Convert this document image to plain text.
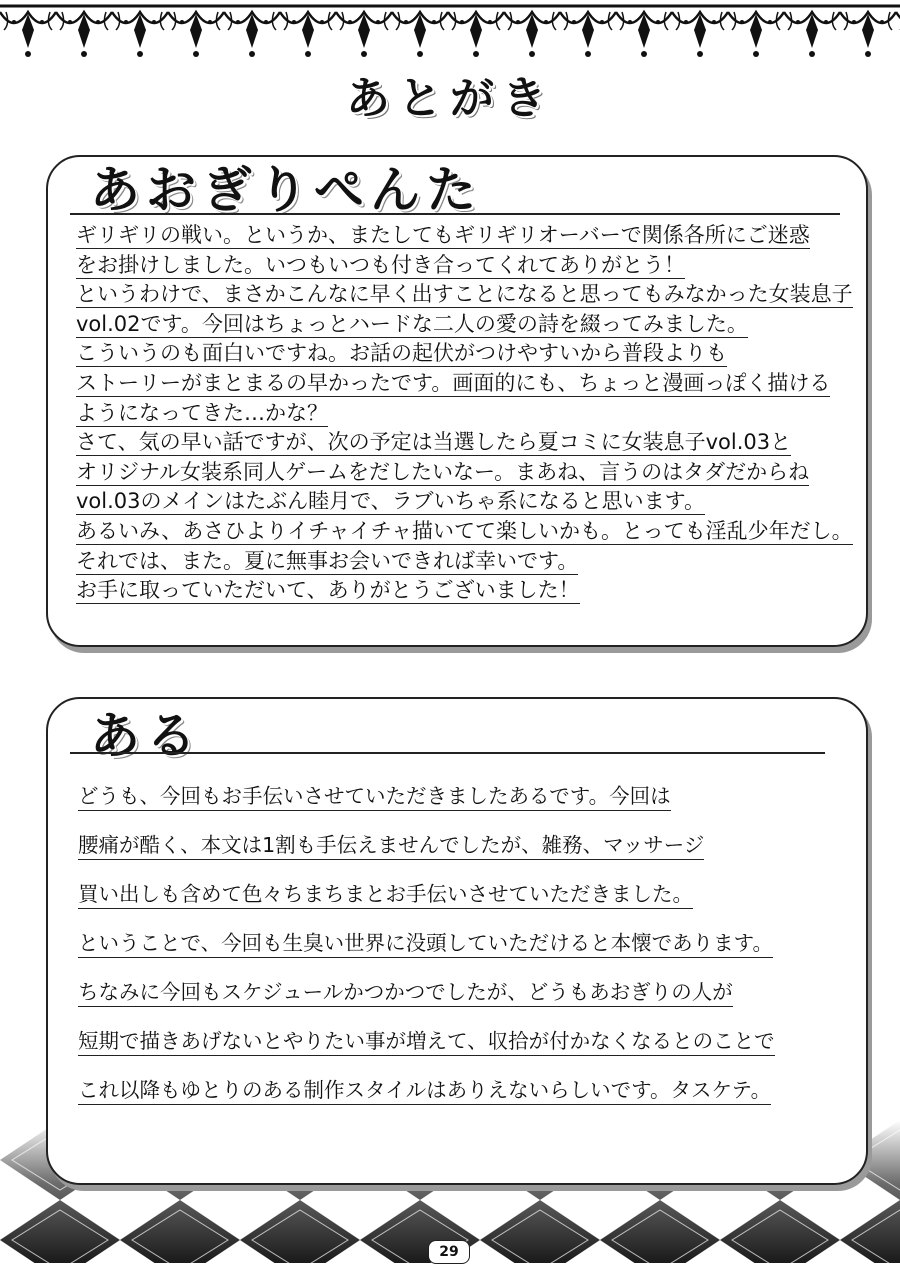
あとがき
あおぎりぺんた
ギリギリの戦い。というか、またしてもギリギリオーバーで関係各所にご迷惑
をお掛けしました。いつもいつも付き合ってくれてありがとう！
というわけで、まさかこんなに早く出すことになると思ってもみなかった女装息子
vol.02です。今回はちょっとハードな二人の愛の詩を綴ってみました。
こういうのも面白いですね。お話の起伏がつけやすいから普段よりも
ストーリーがまとまるの早かったです。画面的にも、ちょっと漫画っぽく描ける
ようになってきた…かな？
さて、気の早い話ですが、次の予定は当選したら夏コミに女装息子vol.03と
オリジナル女装系同人ゲームをだしたいなー。まあね、言うのはタダだからね
vol.03のメインはたぶん睦月で、ラブいちゃ系になると思います。
あるいみ、あさひよりイチャイチャ描いてて楽しいかも。とっても淫乱少年だし。
それでは、また。夏に無事お会いできれば幸いです。
お手に取っていただいて、ありがとうございました！
ある
どうも、今回もお手伝いさせていただきましたあるです。今回は
腰痛が酷く、本文は1割も手伝えませんでしたが、雑務、マッサージ
買い出しも含めて色々ちまちまとお手伝いさせていただきました。
ということで、今回も生臭い世界に没頭していただけると本懐であります。
ちなみに今回もスケジュールかつかつでしたが、どうもあおぎりの人が
短期で描きあげないとやりたい事が増えて、収拾が付かなくなるとのことで
これ以降もゆとりのある制作スタイルはありえないらしいです。タスケテ。
29
